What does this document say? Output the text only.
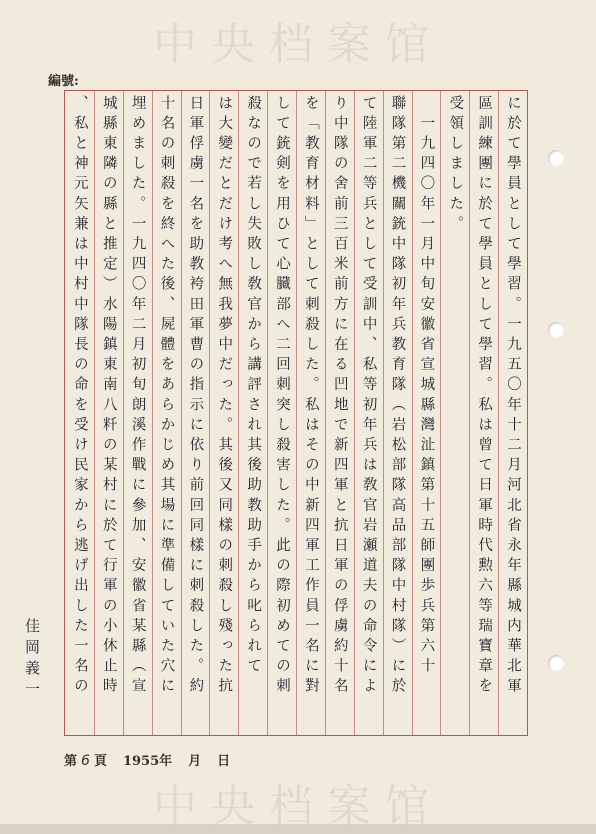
中央档案馆
中央档案馆
編號:
に於て學員として學習。一九五〇年十二月河北省永年縣城内華北軍
區訓練團に於て學員として學習。私は曾て日軍時代勲六等瑞寶章を
受領しました。
　一九四〇年一月中旬安徽省宣城縣灣沚鎮第十五師團歩兵第六十
聯隊第二機關銃中隊初年兵教育隊（岩松部隊高品部隊中村隊）に於
て陸軍二等兵として受訓中、私等初年兵は敎官岩瀬道夫の命令によ
り中隊の舍前三百米前方に在る凹地で新四軍と抗日軍の俘虜約十名
を「教育材料」として刺殺した。私はその中新四軍工作員一名に對
して銃剣を用ひて心臓部へ二回刺突し殺害した。此の際初めての刺
殺なので若し失敗し敎官から講評され其後助教助手から叱られて
は大變だとだけ考へ無我夢中だった。其後又同樣の刺殺し殘った抗
日軍俘虜一名を助教袴田軍曹の指示に依り前回同樣に刺殺した。約
十名の刺殺を終へた後、屍體をあらかじめ其場に準備していた穴に
埋めました。一九四〇年二月初旬朗溪作戰に參加、安徽省某縣（宣
城縣東隣の縣と推定）水陽鎮東南八粁の某村に於て行軍の小休止時
、私と神元矢兼は中村中隊長の命を受け民家から逃げ出した一名の
佳岡義一
第 6 頁 1955年 月 日
